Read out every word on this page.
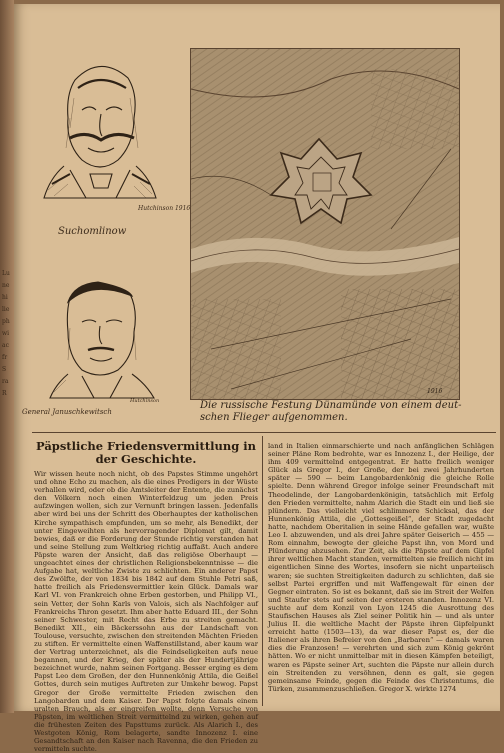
Hutchinson 1916
Suchomlinow
Hutchinson
General Januschkewitsch
1916
Die russische Festung Dünamünde von einem deut- schen Flieger aufgenommen.
Päpstliche Friedensvermittlung in der Geschichte.
Wir wissen heute noch nicht, ob des Papstes Stimme ungehört und ohne Echo zu machen, als die eines Predigers in der Wüste verhallen wird, oder ob die Amtsleiter der Entente, die zunächst den Völkern noch einen Winterfeldzug um jeden Preis aufzwingen wollen, sich zur Vernunft bringen lassen. Jedenfalls aber wird bei uns der Schritt des Oberhauptes der katholischen Kirche sympathisch empfunden, um so mehr, als Benedikt, der unter Eingeweihten als hervorragender Diplomat gilt, damit bewies, daß er die Forderung der Stunde richtig verstanden hat und seine Stellung zum Weltkrieg richtig auffaßt. Auch andere Päpste waren der Ansicht, daß das religiöse Oberhaupt — ungeachtet eines der christlichen Religionsbekenntnisse — die Aufgabe hat, weltliche Zwiste zu schlichten. Ein anderer Papst des Zwölfte, der von 1834 bis 1842 auf dem Stuhle Petri saß, hatte freilich als Friedensvermittler kein Glück. Damals war Karl VI. von Frankreich ohne Erben gestorben, und Philipp VI., sein Vetter, der Sohn Karls von Valois, sich als Nachfolger auf Frankreichs Thron gesetzt. Ihm aber hatte Eduard III., der Sohn seiner Schwester, mit Recht das Erbe zu streiten gemacht. Benedikt XII., ein Bäckerssohn aus der Landschaft von Toulouse, versuchte, zwischen den streitenden Mächten Frieden zu stiften. Er vermittelte einen Waffenstillstand, aber kaum war der Vertrag unterzeichnet, als die Feindseligkeiten aufs neue begannen, und der Krieg, der später als der Hundertjährige bezeichnet wurde, nahm seinen Fortgang. Besser erging es dem Papst Leo dem Großen, der den Hunnenkönig Attila, die Geißel Gottes, durch sein mutiges Auftreten zur Umkehr bewog. Papst Gregor der Große vermittelte Frieden zwischen den Langobarden und dem Kaiser. Der Papst folgte damals einem uralten Brauch, als er eingreifen wollte, denn Versuche von Päpsten, im weltlichen Streit vermittelnd zu wirken, gehen auf die frühesten Zeiten des Papsttums zurück. Als Alarich I., des Westgoten König, Rom belagerte, sandte Innozenz I. eine Gesandtschaft an den Kaiser nach Ravenna, die den Frieden zu vermitteln suchte.
land in Italien einmarschierte und nach anfänglichen Schlägen seiner Pläne Rom bedrohte, war es Innozenz I., der Heilige, der ihm 409 vermittelnd entgegentrat. Er hatte freilich weniger Glück als Gregor I., der Große, der bei zwei Jahrhunderten später — 590 — beim Langobardenkönig die gleiche Rolle spielte. Denn während Gregor infolge seiner Freundschaft mit Theodelinde, der Langobardenkönigin, tatsächlich mit Erfolg den Frieden vermittelte, nahm Alarich die Stadt ein und ließ sie plündern. Das vielleicht viel schlimmere Schicksal, das der Hunnenkönig Attila, die „Gottesgeißel“, der Stadt zugedacht hatte, nachdem Oberitalien in seine Hände gefallen war, wußte Leo I. abzuwenden, und als drei Jahre später Geiserich — 455 — Rom einnahm, bewogte der gleiche Papst ihn, von Mord und Plünderung abzusehen. Zur Zeit, als die Päpste auf dem Gipfel ihrer weltlichen Macht standen, vermittelten sie freilich nicht im eigentlichen Sinne des Wortes, insofern sie nicht unparteiisch waren; sie suchten Streitigkeiten dadurch zu schlichten, daß sie selbst Partei ergriffen und mit Waffengewalt für einen der Gegner eintraten. So ist es bekannt, daß sie im Streit der Welfen und Staufer stets auf seiten der ersteren standen. Innozenz VI. suchte auf dem Konzil von Lyon 1245 die Ausrottung des Staufischen Hauses als Ziel seiner Politik hin — und als unter Julius II. die weltliche Macht der Päpste ihren Gipfelpunkt erreicht hatte (1503—13), da war dieser Papst es, der die Italiener als ihren Befreier von den „Barbaren“ — damals waren dies die Franzosen! — verehrten und sich zum König gekrönt hätten. Wo er nicht unmittelbar mit in diesen Kämpfen beteiligt, waren es Päpste seiner Art, suchten die Päpste nur allein durch ein Streitenden zu versöhnen, denn es galt, sie gegen gemeinsame Feinde, gegen die Feinde des Christentums, die Türken, zusammenzuschließen. Gregor X. wirkte 1274
Lu
ne
hi
lie
ph
wi
ac
fr
S
ra
R
